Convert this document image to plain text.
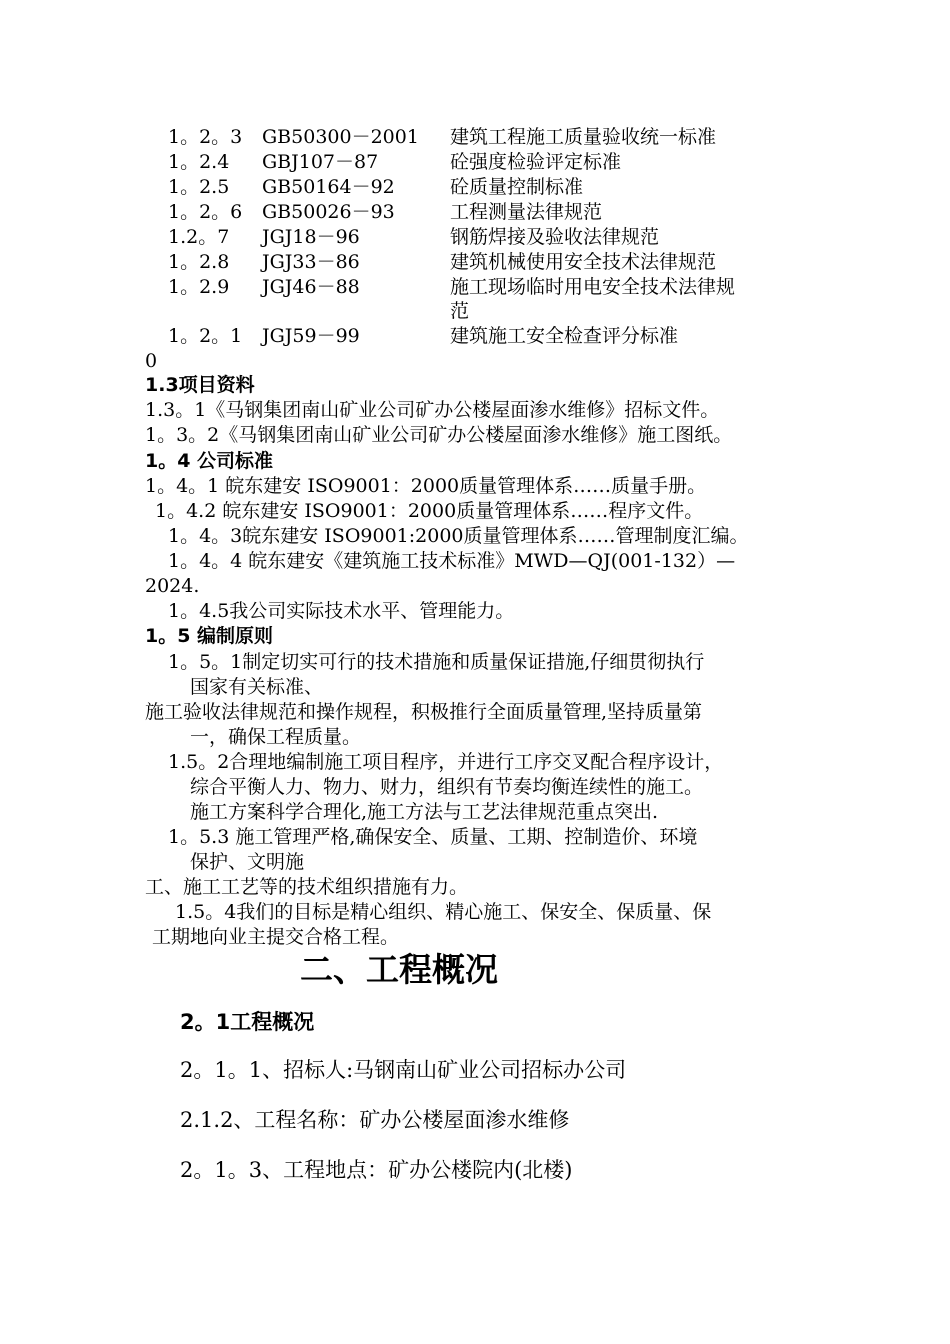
1。2。3 GB50300－2001 建筑工程施工质量验收统一标准
1。2.4 GBJ107－87	砼强度检验评定标准
1。2.5 GB50164－92	砼质量控制标准
1。2。6 GB50026－93	工程测量法律规范
1.2。7 JGJ18－96	钢筋焊接及验收法律规范
1。2.8 JGJ33－86	建筑机械使用安全技术法律规范
1。2.9 JGJ46－88	施工现场临时用电安全技术法律规
范
1。2。1 JGJ59－99	建筑施工安全检查评分标准
0
1.3项目资料
1.3。1《马钢集团南山矿业公司矿办公楼屋面渗水维修》招标文件。
1。3。2《马钢集团南山矿业公司矿办公楼屋面渗水维修》施工图纸。
1。4 公司标准
1。4。1 皖东建安 ISO9001：2000质量管理体系……质量手册。
1。4.2 皖东建安 ISO9001：2000质量管理体系……程序文件。
1。4。3皖东建安 ISO9001:2000质量管理体系……管理制度汇编。
1。4。4 皖东建安《建筑施工技术标准》MWD—QJ(001-132）—
2024.
1。4.5我公司实际技术水平、管理能力。
1。5 编制原则
1。5。1制定切实可行的技术措施和质量保证措施,仔细贯彻执行
国家有关标准、
施工验收法律规范和操作规程，积极推行全面质量管理,坚持质量第
一，确保工程质量。
1.5。2合理地编制施工项目程序，并进行工序交叉配合程序设计，
综合平衡人力、物力、财力，组织有节奏均衡连续性的施工。
施工方案科学合理化,施工方法与工艺法律规范重点突出.
1。5.3 施工管理严格,确保安全、质量、工期、控制造价、环境
保护、文明施
工、施工工艺等的技术组织措施有力。
1.5。4我们的目标是精心组织、精心施工、保安全、保质量、保
工期地向业主提交合格工程。
二、工程概况
2。1工程概况
2。1。1、招标人:马钢南山矿业公司招标办公司
2.1.2、工程名称：矿办公楼屋面渗水维修
2。1。3、工程地点：矿办公楼院内(北楼)
